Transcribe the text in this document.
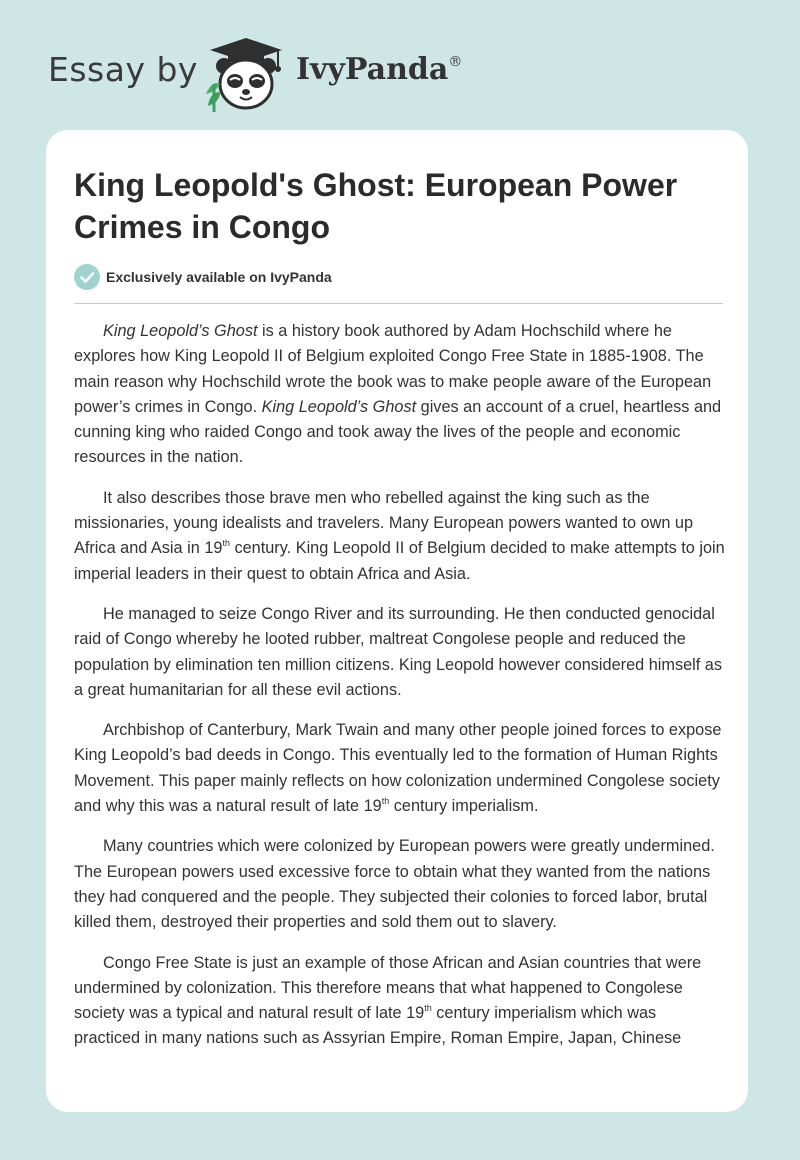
Essay by	IvyPanda®
King Leopold's Ghost: European Power Crimes in Congo
Exclusively available on IvyPanda

King Leopold’s Ghost is a history book authored by Adam Hochschild where he explores how King Leopold II of Belgium exploited Congo Free State in 1885-1908. The main reason why Hochschild wrote the book was to make people aware of the European power’s crimes in Congo. King Leopold’s Ghost gives an account of a cruel, heartless and cunning king who raided Congo and took away the lives of the people and economic resources in the nation.

It also describes those brave men who rebelled against the king such as the missionaries, young idealists and travelers. Many European powers wanted to own up Africa and Asia in 19th century. King Leopold II of Belgium decided to make attempts to join imperial leaders in their quest to obtain Africa and Asia.

He managed to seize Congo River and its surrounding. He then conducted genocidal raid of Congo whereby he looted rubber, maltreat Congolese people and reduced the population by elimination ten million citizens. King Leopold however considered himself as a great humanitarian for all these evil actions.

Archbishop of Canterbury, Mark Twain and many other people joined forces to expose King Leopold’s bad deeds in Congo. This eventually led to the formation of Human Rights Movement. This paper mainly reflects on how colonization undermined Congolese society and why this was a natural result of late 19th century imperialism.

Many countries which were colonized by European powers were greatly undermined. The European powers used excessive force to obtain what they wanted from the nations they had conquered and the people. They subjected their colonies to forced labor, brutal killed them, destroyed their properties and sold them out to slavery.

Congo Free State is just an example of those African and Asian countries that were undermined by colonization. This therefore means that what happened to Congolese society was a typical and natural result of late 19th century imperialism which was practiced in many nations such as Assyrian Empire, Roman Empire, Japan, Chinese
